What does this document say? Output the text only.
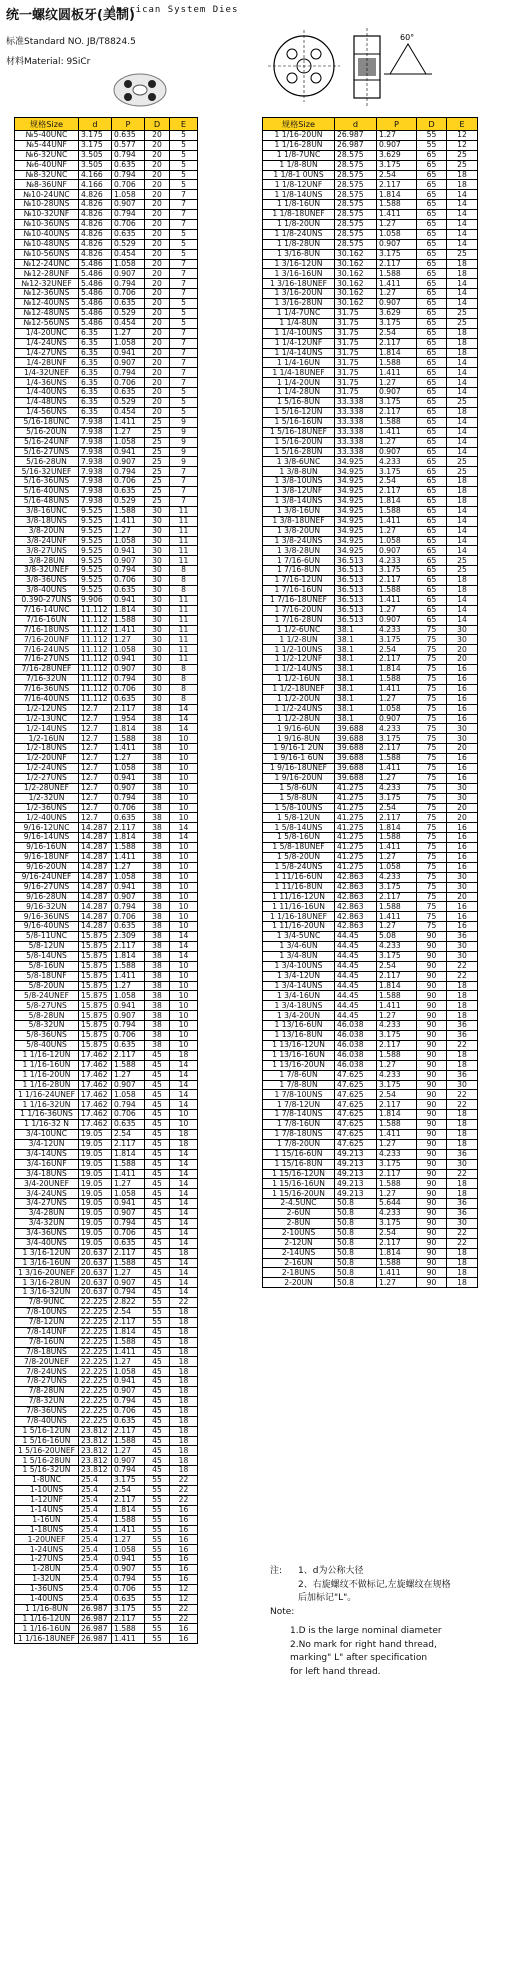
统一螺纹圆板牙(美制)
American System Dies
标准Standard NO. JB/T8824.5
材料Material: 9SiCr
60°
规格Size	d	P	D	E
№5-40UNC	3.175	0.635	20	5
№5-44UNF	3.175	0.577	20	5
№6-32UNC	3.505	0.794	20	5
№6-40UNF	3.505	0.635	20	5
№8-32UNC	4.166	0.794	20	5
№8-36UNF	4.166	0.706	20	5
№10-24UNC	4.826	1.058	20	7
№10-28UNS	4.826	0.907	20	7
№10-32UNF	4.826	0.794	20	7
№10-36UNS	4.826	0.706	20	7
№10-40UNS	4.826	0.635	20	5
№10-48UNS	4.826	0.529	20	5
№10-56UNS	4.826	0.454	20	5
№12-24UNC	5.486	1.058	20	7
№12-28UNF	5.486	0.907	20	7
№12-32UNEF	5.486	0.794	20	7
№12-36UNS	5.486	0.706	20	7
№12-40UNS	5.486	0.635	20	5
№12-48UNS	5.486	0.529	20	5
№12-56UNS	5.486	0.454	20	5
1/4-20UNC	6.35	1.27	20	7
1/4-24UNS	6.35	1.058	20	7
1/4-27UNS	6.35	0.941	20	7
1/4-28UNF	6.35	0.907	20	7
1/4-32UNEF	6.35	0.794	20	7
1/4-36UNS	6.35	0.706	20	7
1/4-40UNS	6.35	0.635	20	5
1/4-48UNS	6.35	0.529	20	5
1/4-56UNS	6.35	0.454	20	5
5/16-18UNC	7.938	1.411	25	9
5/16-20UN	7.938	1.27	25	9
5/16-24UNF	7.938	1.058	25	9
5/16-27UNS	7.938	0.941	25	9
5/16-28UN	7.938	0.907	25	9
5/16-32UNEF	7.938	0.794	25	7
5/16-36UNS	7.938	0.706	25	7
5/16-40UNS	7.938	0.635	25	7
5/16-48UNS	7.938	0.529	25	7
3/8-16UNC	9.525	1.588	30	11
3/8-18UNS	9.525	1.411	30	11
3/8-20UN	9.525	1.27	30	11
3/8-24UNF	9.525	1.058	30	11
3/8-27UNS	9.525	0.941	30	11
3/8-28UN	9.525	0.907	30	11
3/8-32UNEF	9.525	0.794	30	8
3/8-36UNS	9.525	0.706	30	8
3/8-40UNS	9.525	0.635	30	8
0.390-27UNS	9.906	0.941	30	11
7/16-14UNC	11.112	1.814	30	11
7/16-16UN	11.112	1.588	30	11
7/16-18UNS	11.112	1.411	30	11
7/16-20UNF	11.112	1.27	30	11
7/16-24UNS	11.112	1.058	30	11
7/16-27UNS	11.112	0.941	30	11
7/16-28UNEF	11.112	0.907	30	8
7/16-32UN	11.112	0.794	30	8
7/16-36UNS	11.112	0.706	30	8
7/16-40UNS	11.112	0.635	30	8
1/2-12UNS	12.7	2.117	38	14
1/2-13UNC	12.7	1.954	38	14
1/2-14UNS	12.7	1.814	38	14
1/2-16UN	12.7	1.588	38	10
1/2-18UNS	12.7	1.411	38	10
1/2-20UNF	12.7	1.27	38	10
1/2-24UNS	12.7	1.058	38	10
1/2-27UNS	12.7	0.941	38	10
1/2-28UNEF	12.7	0.907	38	10
1/2-32UN	12.7	0.794	38	10
1/2-36UNS	12.7	0.706	38	10
1/2-40UNS	12.7	0.635	38	10
9/16-12UNC	14.287	2.117	38	14
9/16-14UNS	14.287	1.814	38	14
9/16-16UN	14.287	1.588	38	10
9/16-18UNF	14.287	1.411	38	10
9/16-20UN	14.287	1.27	38	10
9/16-24UNEF	14.287	1.058	38	10
9/16-27UNS	14.287	0.941	38	10
9/16-28UN	14.287	0.907	38	10
9/16-32UN	14.287	0.794	38	10
9/16-36UNS	14.287	0.706	38	10
9/16-40UNS	14.287	0.635	38	10
5/8-11UNC	15.875	2.309	38	14
5/8-12UN	15.875	2.117	38	14
5/8-14UNS	15.875	1.814	38	14
5/8-16UN	15.875	1.588	38	10
5/8-18UNF	15.875	1.411	38	10
5/8-20UN	15.875	1.27	38	10
5/8-24UNEF	15.875	1.058	38	10
5/8-27UNS	15.875	0.941	38	10
5/8-28UN	15.875	0.907	38	10
5/8-32UN	15.875	0.794	38	10
5/8-36UNS	15.875	0.706	38	10
5/8-40UNS	15.875	0.635	38	10
1 1/16-12UN	17.462	2.117	45	18
1 1/16-16UN	17.462	1.588	45	14
1 1/16-20UN	17.462	1.27	45	14
1 1/16-28UN	17.462	0.907	45	14
1 1/16-24UNEF	17.462	1.058	45	14
1 1/16-32UN	17.462	0.794	45	14
1 1/16-36UNS	17.462	0.706	45	10
1 1/16-32 N	17.462	0.635	45	10
3/4-10UNC	19.05	2.54	45	18
3/4-12UN	19.05	2.117	45	18
3/4-14UNS	19.05	1.814	45	14
3/4-16UNF	19.05	1.588	45	14
3/4-18UNS	19.05	1.411	45	14
3/4-20UNEF	19.05	1.27	45	14
3/4-24UNS	19.05	1.058	45	14
3/4-27UNS	19.05	0.941	45	14
3/4-28UN	19.05	0.907	45	14
3/4-32UN	19.05	0.794	45	14
3/4-36UNS	19.05	0.706	45	14
3/4-40UNS	19.05	0.635	45	14
1 3/16-12UN	20.637	2.117	45	18
1 3/16-16UN	20.637	1.588	45	14
1 3/16-20UNEF	20.637	1.27	45	14
1 3/16-28UN	20.637	0.907	45	14
1 3/16-32UN	20.637	0.794	45	14
7/8-9UNC	22.225	2.822	55	22
7/8-10UNS	22.225	2.54	55	18
7/8-12UN	22.225	2.117	55	18
7/8-14UNF	22.225	1.814	45	18
7/8-16UN	22.225	1.588	45	18
7/8-18UNS	22.225	1.411	45	18
7/8-20UNEF	22.225	1.27	45	18
7/8-24UNS	22.225	1.058	45	18
7/8-27UNS	22.225	0.941	45	18
7/8-28UN	22.225	0.907	45	18
7/8-32UN	22.225	0.794	45	18
7/8-36UNS	22.225	0.706	45	18
7/8-40UNS	22.225	0.635	45	18
1 5/16-12UN	23.812	2.117	45	18
1 5/16-16UN	23.812	1.588	45	18
1 5/16-20UNEF	23.812	1.27	45	18
1 5/16-28UN	23.812	0.907	45	18
1 5/16-32UN	23.812	0.794	45	18
1-8UNC	25.4	3.175	55	22
1-10UNS	25.4	2.54	55	22
1-12UNF	25.4	2.117	55	22
1-14UNS	25.4	1.814	55	16
1-16UN	25.4	1.588	55	16
1-18UNS	25.4	1.411	55	16
1-20UNEF	25.4	1.27	55	16
1-24UNS	25.4	1.058	55	16
1-27UNS	25.4	0.941	55	16
1-28UN	25.4	0.907	55	16
1-32UN	25.4	0.794	55	16
1-36UNS	25.4	0.706	55	12
1-40UNS	25.4	0.635	55	12
1 1/16-8UN	26.987	3.175	55	22
1 1/16-12UN	26.987	2.117	55	22
1 1/16-16UN	26.987	1.588	55	16
1 1/16-18UNEF	26.987	1.411	55	16
规格Size	d	P	D	E
1 1/16-20UN	26.987	1.27	55	12
1 1/16-28UN	26.987	0.907	55	12
1 1/8-7UNC	28.575	3.629	65	25
1 1/8-8UN	28.575	3.175	65	25
1 1/8-1 0UNS	28.575	2.54	65	18
1 1/8-12UNF	28.575	2.117	65	18
1 1/8-14UNS	28.575	1.814	65	14
1 1/8-16UN	28.575	1.588	65	14
1 1/8-18UNEF	28.575	1.411	65	14
1 1/8-20UN	28.575	1.27	65	14
1 1/8-24UNS	28.575	1.058	65	14
1 1/8-28UN	28.575	0.907	65	14
1 3/16-8UN	30.162	3.175	65	25
1 3/16-12UN	30.162	2.117	65	18
1 3/16-16UN	30.162	1.588	65	18
1 3/16-18UNEF	30.162	1.411	65	14
1 3/16-20UN	30.162	1.27	65	14
1 3/16-28UN	30.162	0.907	65	14
1 1/4-7UNC	31.75	3.629	65	25
1 1/4-8UN	31.75	3.175	65	25
1 1/4-10UNS	31.75	2.54	65	18
1 1/4-12UNF	31.75	2.117	65	18
1 1/4-14UNS	31.75	1.814	65	18
1 1/4-16UN	31.75	1.588	65	14
1 1/4-18UNEF	31.75	1.411	65	14
1 1/4-20UN	31.75	1.27	65	14
1 1/4-28UN	31.75	0.907	65	14
1 5/16-8UN	33.338	3.175	65	25
1 5/16-12UN	33.338	2.117	65	18
1 5/16-16UN	33.338	1.588	65	14
1 5/16-18UNEF	33.338	1.411	65	14
1 5/16-20UN	33.338	1.27	65	14
1 5/16-28UN	33.338	0.907	65	14
1 3/8-6UNC	34.925	4.233	65	25
1 3/8-8UN	34.925	3.175	65	25
1 3/8-10UNS	34.925	2.54	65	18
1 3/8-12UNF	34.925	2.117	65	18
1 3/8-14UNS	34.925	1.814	65	18
1 3/8-16UN	34.925	1.588	65	14
1 3/8-18UNEF	34.925	1.411	65	14
1 3/8-20UN	34.925	1.27	65	14
1 3/8-24UNS	34.925	1.058	65	14
1 3/8-28UN	34.925	0.907	65	14
1 7/16-6UN	36.513	4.233	65	25
1 7/16-8UN	36.513	3.175	65	25
1 7/16-12UN	36.513	2.117	65	18
1 7/16-16UN	36.513	1.588	65	18
1 7/16-18UNEF	36.513	1.411	65	14
1 7/16-20UN	36.513	1.27	65	14
1 7/16-28UN	36.513	0.907	65	14
1 1/2-6UNC	38.1	4.233	75	30
1 1/2-8UN	38.1	3.175	75	30
1 1/2-10UNS	38.1	2.54	75	20
1 1/2-12UNF	38.1	2.117	75	20
1 1/2-14UNS	38.1	1.814	75	16
1 1/2-16UN	38.1	1.588	75	16
1 1/2-18UNEF	38.1	1.411	75	16
1 1/2-20UN	38.1	1.27	75	16
1 1/2-24UNS	38.1	1.058	75	16
1 1/2-28UN	38.1	0.907	75	16
1 9/16-6UN	39.688	4.233	75	30
1 9/16-8UN	39.688	3.175	75	30
1 9/16-1 2UN	39.688	2.117	75	20
1 9/16-1 6UN	39.688	1.588	75	16
1 9/16-18UNEF	39.688	1.411	75	16
1 9/16-20UN	39.688	1.27	75	16
1 5/8-6UN	41.275	4.233	75	30
1 5/8-8UN	41.275	3.175	75	30
1 5/8-10UNS	41.275	2.54	75	20
1 5/8-12UN	41.275	2.117	75	20
1 5/8-14UNS	41.275	1.814	75	16
1 5/8-16UN	41.275	1.588	75	16
1 5/8-18UNEF	41.275	1.411	75	16
1 5/8-20UN	41.275	1.27	75	16
1 5/8-24UNS	41.275	1.058	75	16
1 11/16-6UN	42.863	4.233	75	30
1 11/16-8UN	42.863	3.175	75	30
1 11/16-12UN	42.863	2.117	75	20
1 11/16-16UN	42.863	1.588	75	16
1 1/16-18UNEF	42.863	1.411	75	16
1 11/16-20UN	42.863	1.27	75	16
1 3/4-5UNC	44.45	5.08	90	36
1 3/4-6UN	44.45	4.233	90	30
1 3/4-8UN	44.45	3.175	90	30
1 3/4-10UNS	44.45	2.54	90	22
1 3/4-12UN	44.45	2.117	90	22
1 3/4-14UNS	44.45	1.814	90	18
1 3/4-16UN	44.45	1.588	90	18
1 3/4-18UNS	44.45	1.411	90	18
1 3/4-20UN	44.45	1.27	90	18
1 13/16-6UN	46.038	4.233	90	36
1 13/16-8UN	46.038	3.175	90	36
1 13/16-12UN	46.038	2.117	90	22
1 13/16-16UN	46.038	1.588	90	18
1 13/16-20UN	46.038	1.27	90	18
1 7/8-6UN	47.625	4.233	90	36
1 7/8-8UN	47.625	3.175	90	30
1 7/8-10UNS	47.625	2.54	90	22
1 7/8-12UN	47.625	2.117	90	22
1 7/8-14UNS	47.625	1.814	90	18
1 7/8-16UN	47.625	1.588	90	18
1 7/8-18UNS	47.625	1.411	90	18
1 7/8-20UN	47.625	1.27	90	18
1 15/16-6UN	49.213	4.233	90	36
1 15/16-8UN	49.213	3.175	90	30
1 15/16-12UN	49.213	2.117	90	22
1 15/16-16UN	49.213	1.588	90	18
1 15/16-20UN	49.213	1.27	90	18
2-4.5UNC	50.8	5.644	90	36
2-6UN	50.8	4.233	90	36
2-8UN	50.8	3.175	90	30
2-10UNS	50.8	2.54	90	22
2-12UN	50.8	2.117	90	22
2-14UNS	50.8	1.814	90	18
2-16UN	50.8	1.588	90	18
2-18UNS	50.8	1.411	90	18
2-20UN	50.8	1.27	90	18
注:	1、d为公称大径
2、右旋螺纹不做标记,左旋螺纹在规格
后加标记"L"。
Note:
1.D is the large nominal diameter
2.No mark for right hand thread,
marking" L" after specification
for left hand thread.
